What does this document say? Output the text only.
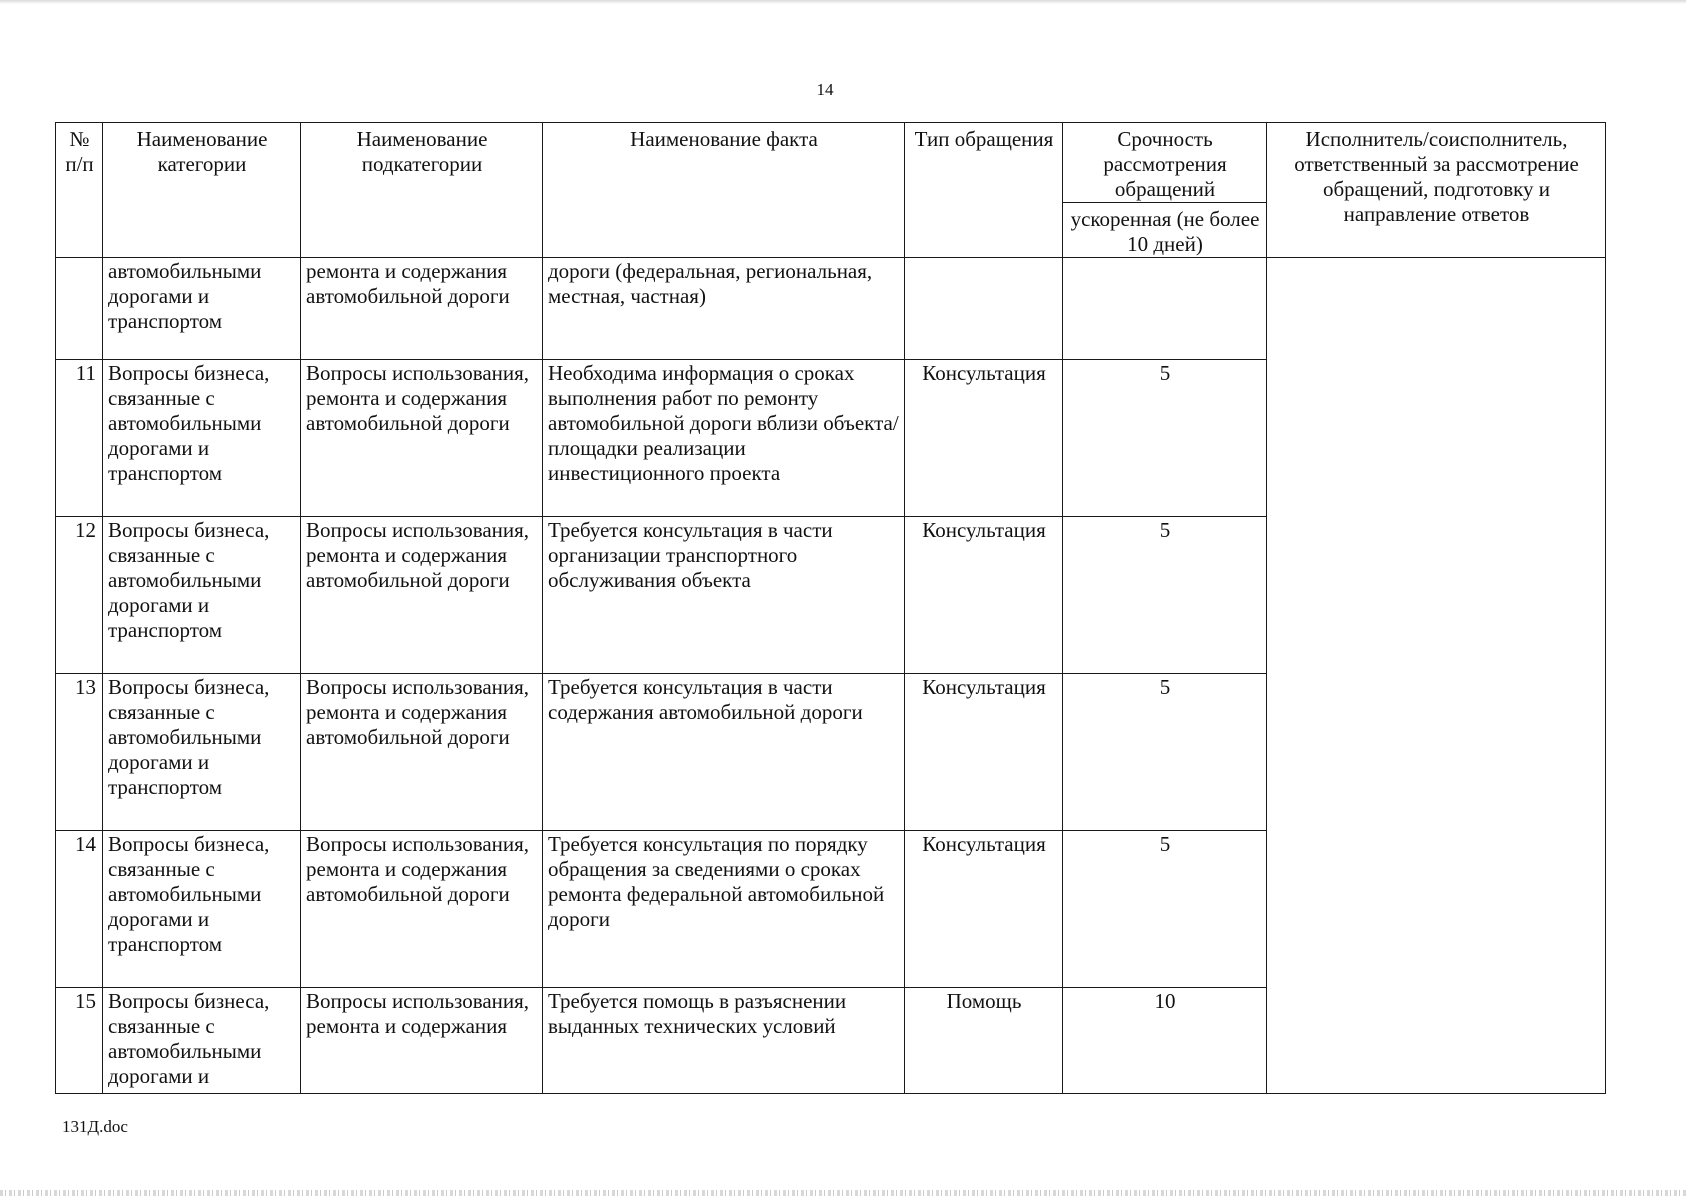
14
№ п/п	Наименование категории	Наименование подкатегории	Наименование факта	Тип обращения	Срочность рассмотрения обращений	Исполнитель/соисполнитель, ответственный за рассмотрение обращений, подготовку и направление ответов
					ускоренная (не более 10 дней)	
	автомобильными дорогами и транспортом	ремонта и содержания автомобильной дороги	дороги (федеральная, региональная, местная, частная)			
11	Вопросы бизнеса, связанные с автомобильными дорогами и транспортом	Вопросы использования, ремонта и содержания автомобильной дороги	Необходима информация о сроках выполнения работ по ремонту автомобильной дороги вблизи объекта/площадки реализации инвестиционного проекта	Консультация	5	
12	Вопросы бизнеса, связанные с автомобильными дорогами и транспортом	Вопросы использования, ремонта и содержания автомобильной дороги	Требуется консультация в части организации транспортного обслуживания объекта	Консультация	5	
13	Вопросы бизнеса, связанные с автомобильными дорогами и транспортом	Вопросы использования, ремонта и содержания автомобильной дороги	Требуется консультация в части содержания автомобильной дороги	Консультация	5	
14	Вопросы бизнеса, связанные с автомобильными дорогами и транспортом	Вопросы использования, ремонта и содержания автомобильной дороги	Требуется консультация по порядку обращения за сведениями о сроках ремонта федеральной автомобильной дороги	Консультация	5	
15	Вопросы бизнеса, связанные с автомобильными дорогами и	Вопросы использования, ремонта и содержания	Требуется помощь в разъяснении выданных технических условий	Помощь	10	
131Д.doc
